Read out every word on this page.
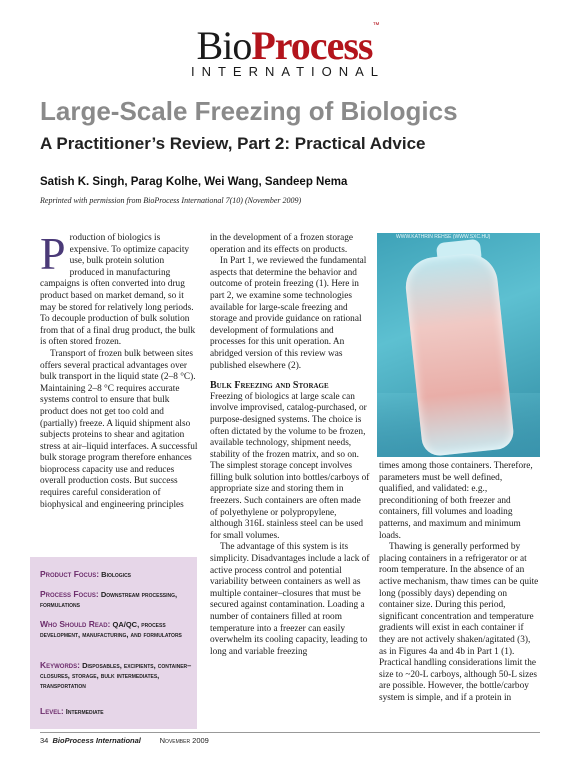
BioProcess™
INTERNATIONAL
Large-Scale Freezing of Biologics
A Practitioner’s Review, Part 2: Practical Advice
Satish K. Singh, Parag Kolhe, Wei Wang, Sandeep Nema
Reprinted with permission from BioProcess International 7(10) (November 2009)

Production of biologics is expensive. To optimize capacity use, bulk protein solution produced in manufacturing campaigns is often converted into drug product based on market demand, so it may be stored for relatively long periods. To decouple production of bulk solution from that of a final drug product, the bulk is often stored frozen.

Transport of frozen bulk between sites offers several practical advantages over bulk transport in the liquid state (2–8 °C). Maintaining 2–8 °C requires accurate systems control to ensure that bulk product does not get too cold and (partially) freeze. A liquid shipment also subjects proteins to shear and agitation stress at air–liquid interfaces. A successful bulk storage program therefore enhances bioprocess capacity use and reduces overall production costs. But success requires careful consideration of biophysical and engineering principles

in the development of a frozen storage operation and its effects on products.

In Part 1, we reviewed the fundamental aspects that determine the behavior and outcome of protein freezing (1). Here in part 2, we examine some technologies available for large-scale freezing and storage and provide guidance on rational development of formulations and processes for this unit operation. An abridged version of this review was published elsewhere (2).

Bulk Freezing and Storage

Freezing of biologics at large scale can involve improvised, catalog-purchased, or purpose-designed systems. The choice is often dictated by the volume to be frozen, available technology, shipment needs, stability of the frozen matrix, and so on. The simplest storage concept involves filling bulk solution into bottles/carboys of appropriate size and storing them in freezers. Such containers are often made of polyethylene or polypropylene, although 316L stainless steel can be used for small volumes.

The advantage of this system is its simplicity. Disadvantages include a lack of active process control and potential variability between containers as well as multiple container–closures that must be secured against contamination. Loading a number of containers filled at room temperature into a freezer can easily overwhelm its cooling capacity, leading to long and variable freezing

WWW.KATHRIN REHSE (WWW.SXC.HU)

times among those containers. Therefore, parameters must be well defined, qualified, and validated: e.g., preconditioning of both freezer and containers, fill volumes and loading patterns, and maximum and minimum loads.

Thawing is generally performed by placing containers in a refrigerator or at room temperature. In the absence of an active mechanism, thaw times can be quite long (possibly days) depending on container size. During this period, significant concentration and temperature gradients will exist in each container if they are not actively shaken/agitated (3), as in Figures 4a and 4b in Part 1 (1). Practical handling considerations limit the size to ~20-L carboys, although 50-L sizes are possible. However, the bottle/carboy system is simple, and if a protein in

Product Focus: Biologics
Process Focus: Downstream processing, formulations
Who Should Read: QA/QC, process development, manufacturing, and formulators
Keywords: Disposables, excipients, container–closures, storage, bulk intermediates, transportation
Level: Intermediate
34 BioProcess International	November 2009
